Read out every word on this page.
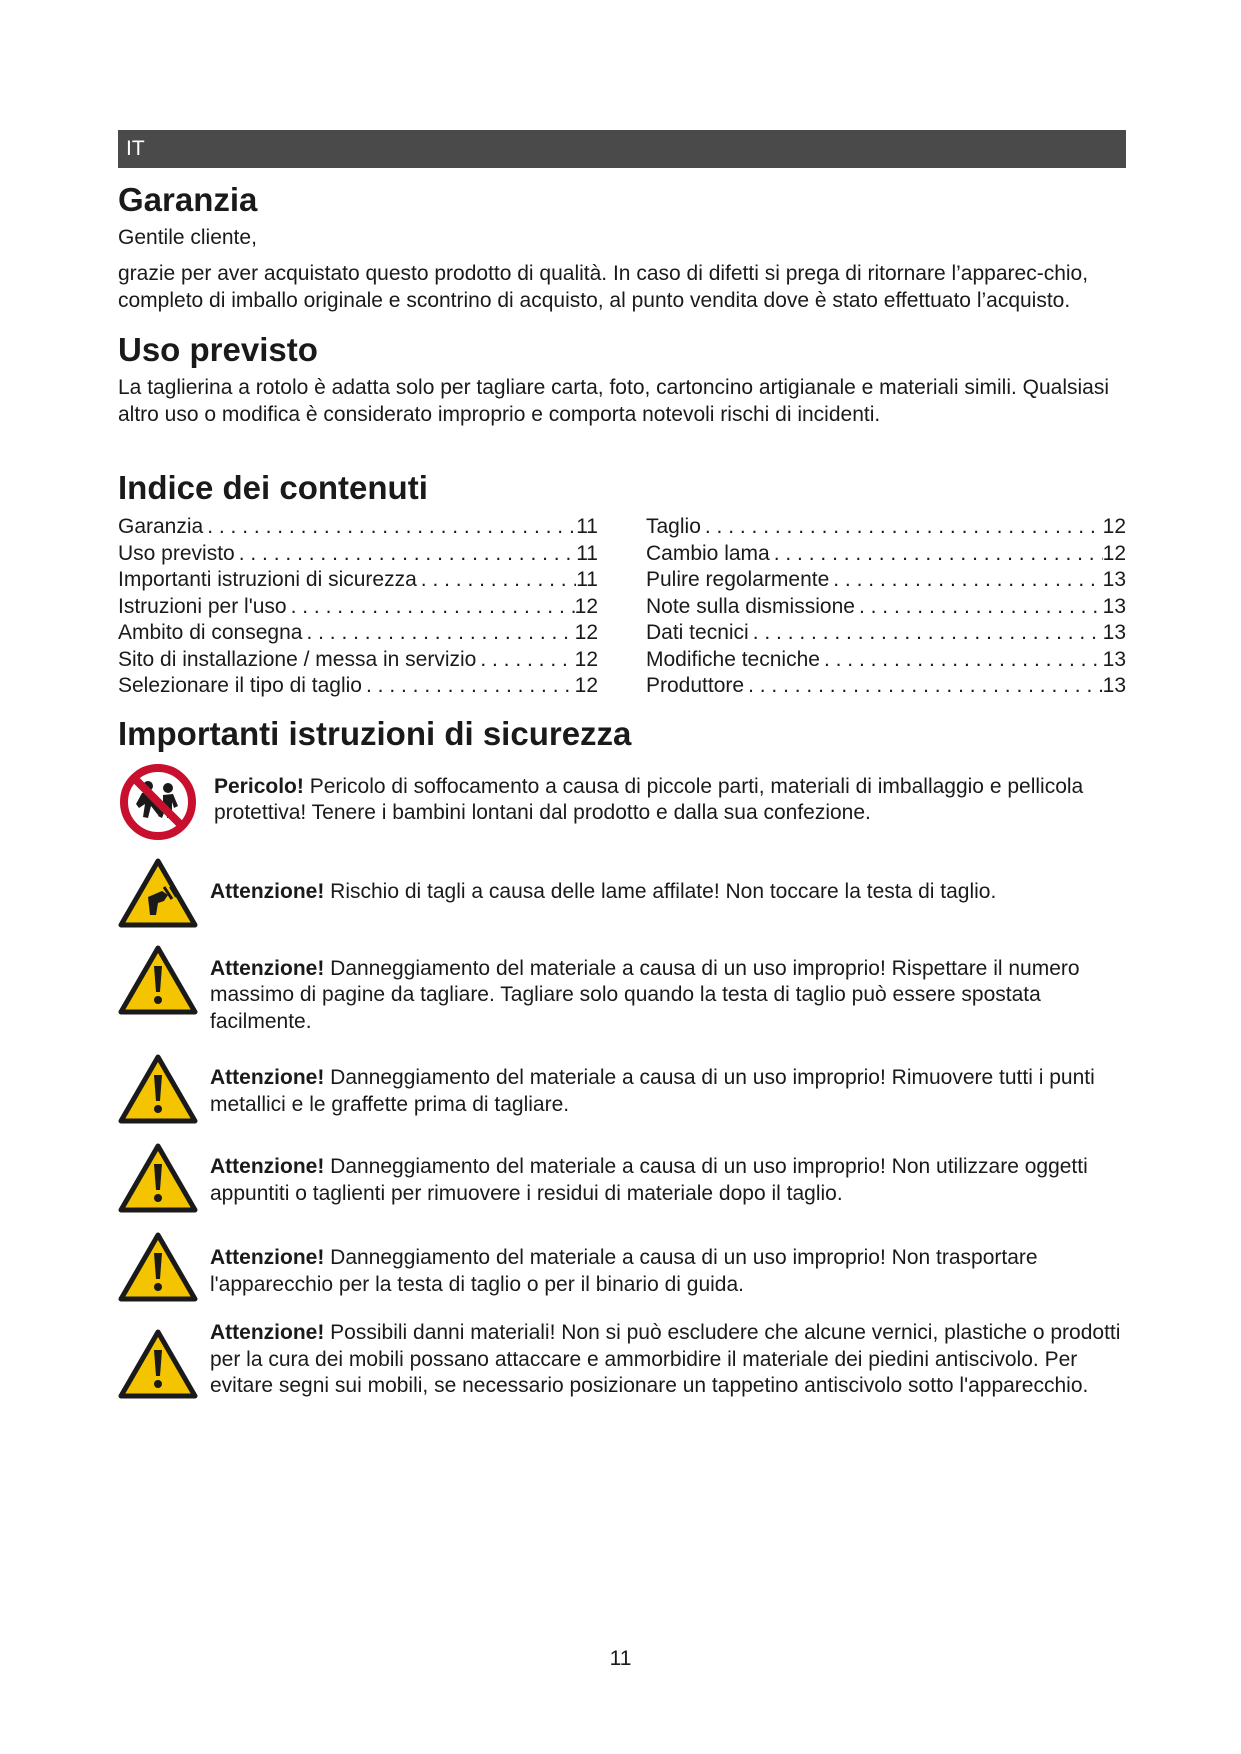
IT
Garanzia

Gentile cliente,

grazie per aver acquistato questo prodotto di qualità. In caso di difetti si prega di ritornare l’apparec-chio, completo di imballo originale e scontrino di acquisto, al punto vendita dove è stato effettuato l’acquisto.

Uso previsto

La taglierina a rotolo è adatta solo per tagliare carta, foto, cartoncino artigianale e materiali simili. Qualsiasi altro uso o modifica è considerato improprio e comporta notevoli rischi di incidenti.

Indice dei contenuti
Garanzia . . .	11
Uso previsto . . .	11
Importanti istruzioni di sicurezza . . .	11
Istruzioni per l'uso . . .	12
Ambito di consegna . . .	12
Sito di installazione / messa in servizio . . .	12
Selezionare il tipo di taglio . . .	12
Taglio . . .	12
Cambio lama . . .	12
Pulire regolarmente . . .	13
Note sulla dismissione . . .	13
Dati tecnici . . .	13
Modifiche tecniche . . .	13
Produttore . . .	13
Importanti istruzioni di sicurezza
Pericolo! Pericolo di soffocamento a causa di piccole parti, materiali di imballaggio e pellicola protettiva! Tenere i bambini lontani dal prodotto e dalla sua confezione.
Attenzione! Rischio di tagli a causa delle lame affilate! Non toccare la testa di taglio.
Attenzione! Danneggiamento del materiale a causa di un uso improprio! Rispettare il numero massimo di pagine da tagliare. Tagliare solo quando la testa di taglio può essere spostata facilmente.
Attenzione! Danneggiamento del materiale a causa di un uso improprio! Rimuovere tutti i punti metallici e le graffette prima di tagliare.
Attenzione! Danneggiamento del materiale a causa di un uso improprio! Non utilizzare oggetti appuntiti o taglienti per rimuovere i residui di materiale dopo il taglio.
Attenzione! Danneggiamento del materiale a causa di un uso improprio! Non trasportare l'apparecchio per la testa di taglio o per il binario di guida.
Attenzione! Possibili danni materiali! Non si può escludere che alcune vernici, plastiche o prodotti per la cura dei mobili possano attaccare e ammorbidire il materiale dei piedini antiscivolo. Per evitare segni sui mobili, se necessario posizionare un tappetino antiscivolo sotto l'apparecchio.
11
